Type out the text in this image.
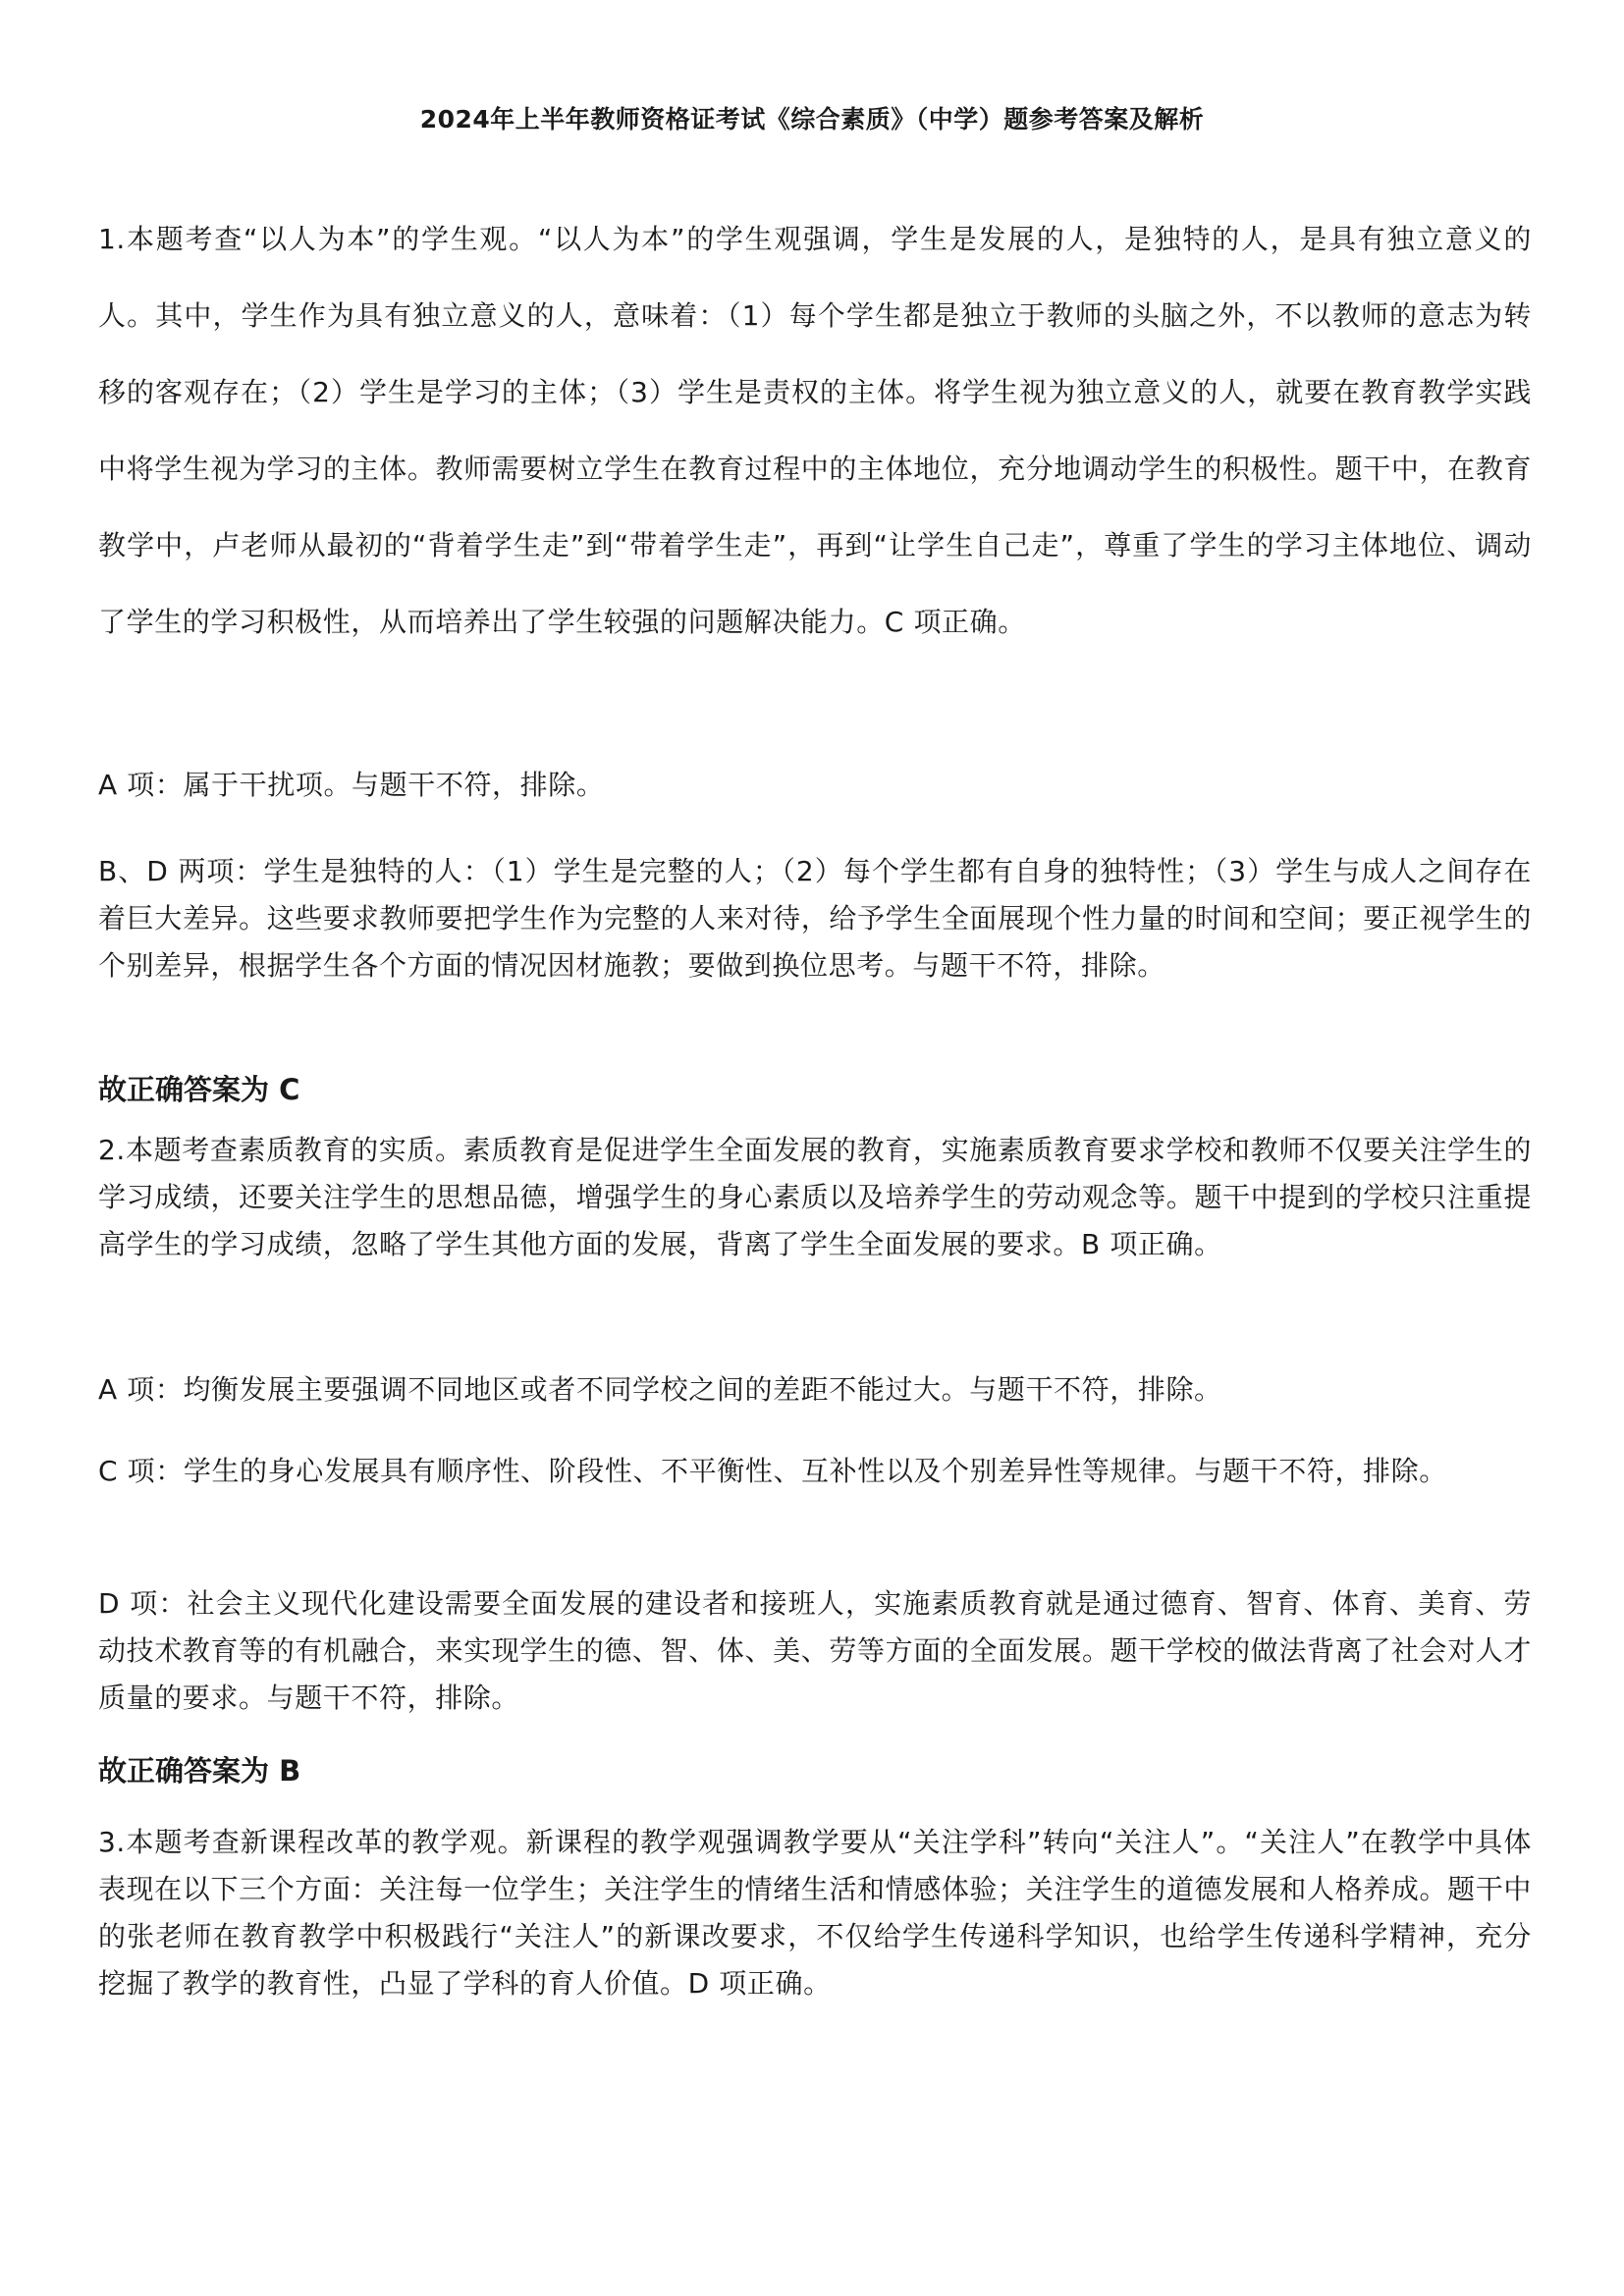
2024年上半年教师资格证考试《综合素质》（中学）题参考答案及解析
1.本题考查“以人为本”的学生观。“以人为本”的学生观强调，学生是发展的人，是独特的人，是具有独立意义的人。其中，学生作为具有独立意义的人，意味着：（1）每个学生都是独立于教师的头脑之外，不以教师的意志为转移的客观存在；（2）学生是学习的主体；（3）学生是责权的主体。将学生视为独立意义的人，就要在教育教学实践中将学生视为学习的主体。教师需要树立学生在教育过程中的主体地位，充分地调动学生的积极性。题干中，在教育教学中，卢老师从最初的“背着学生走”到“带着学生走”，再到“让学生自己走”，尊重了学生的学习主体地位、调动了学生的学习积极性，从而培养出了学生较强的问题解决能力。C 项正确。
A 项：属于干扰项。与题干不符，排除。
B、D 两项：学生是独特的人：（1）学生是完整的人；（2）每个学生都有自身的独特性；（3）学生与成人之间存在着巨大差异。这些要求教师要把学生作为完整的人来对待，给予学生全面展现个性力量的时间和空间；要正视学生的个别差异，根据学生各个方面的情况因材施教；要做到换位思考。与题干不符，排除。
故正确答案为 C
2.本题考查素质教育的实质。素质教育是促进学生全面发展的教育，实施素质教育要求学校和教师不仅要关注学生的学习成绩，还要关注学生的思想品德，增强学生的身心素质以及培养学生的劳动观念等。题干中提到的学校只注重提高学生的学习成绩，忽略了学生其他方面的发展，背离了学生全面发展的要求。B 项正确。
A 项：均衡发展主要强调不同地区或者不同学校之间的差距不能过大。与题干不符，排除。
C 项：学生的身心发展具有顺序性、阶段性、不平衡性、互补性以及个别差异性等规律。与题干不符，排除。
D 项：社会主义现代化建设需要全面发展的建设者和接班人，实施素质教育就是通过德育、智育、体育、美育、劳动技术教育等的有机融合，来实现学生的德、智、体、美、劳等方面的全面发展。题干学校的做法背离了社会对人才质量的要求。与题干不符，排除。
故正确答案为 B
3.本题考查新课程改革的教学观。新课程的教学观强调教学要从“关注学科”转向“关注人”。“关注人”在教学中具体表现在以下三个方面：关注每一位学生；关注学生的情绪生活和情感体验；关注学生的道德发展和人格养成。题干中的张老师在教育教学中积极践行“关注人”的新课改要求，不仅给学生传递科学知识，也给学生传递科学精神，充分挖掘了教学的教育性，凸显了学科的育人价值。D 项正确。
